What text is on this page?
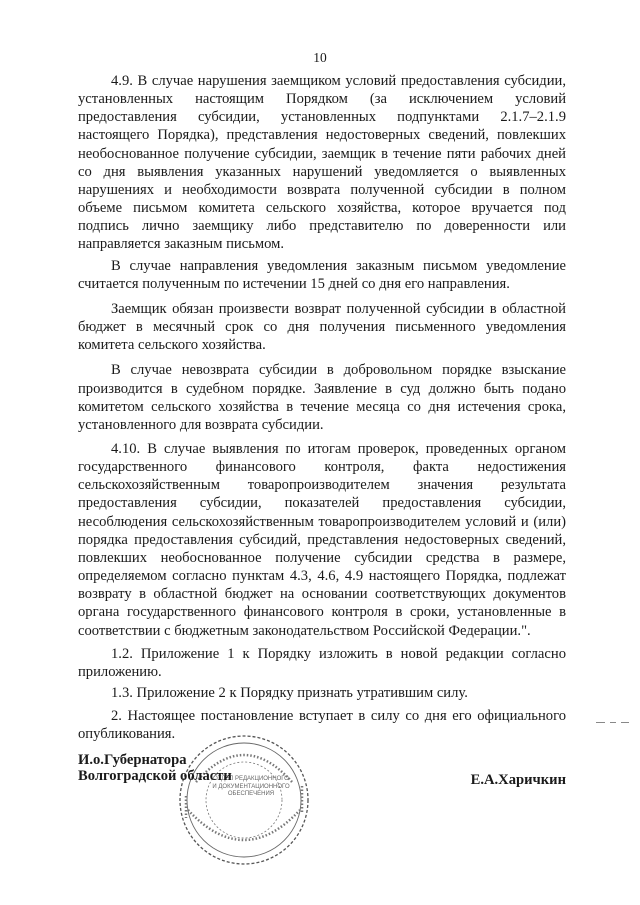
10

4.9. В случае нарушения заемщиком условий предоставления субсидии, установленных настоящим Порядком (за исключением условий предоставления субсидии, установленных подпунктами 2.1.7–2.1.9 настоящего Порядка), представления недостоверных сведений, повлекших необоснованное получение субсидии, заемщик в течение пяти рабочих дней со дня выявления указанных нарушений уведомляется о выявленных нарушениях и необходимости возврата полученной субсидии в полном объеме письмом комитета сельского хозяйства, которое вручается под подпись лично заемщику либо представителю по доверенности или направляется заказным письмом.

В случае направления уведомления заказным письмом уведомление считается полученным по истечении 15 дней со дня его направления.

Заемщик обязан произвести возврат полученной субсидии в областной бюджет в месячный срок со дня получения письменного уведомления комитета сельского хозяйства.

В случае невозврата субсидии в добровольном порядке взыскание производится в судебном порядке. Заявление в суд должно быть подано комитетом сельского хозяйства в течение месяца со дня истечения срока, установленного для возврата субсидии.

4.10. В случае выявления по итогам проверок, проведенных органом государственного финансового контроля, факта недостижения сельскохозяйственным товаропроизводителем значения результата предоставления субсидии, показателей предоставления субсидии, несоблюдения сельскохозяйственным товаропроизводителем условий и (или) порядка предоставления субсидий, представления недостоверных сведений, повлекших необоснованное получение субсидии средства в размере, определяемом согласно пунктам 4.3, 4.6, 4.9 настоящего Порядка, подлежат возврату в областной бюджет на основании соответствующих документов органа государственного финансового контроля в сроки, установленные в соответствии с бюджетным законодательством Российской Федерации.".

1.2. Приложение 1 к Порядку изложить в новой редакции согласно приложению.

1.3. Приложение 2 к Порядку признать утратившим силу.

2. Настоящее постановление вступает в силу со дня его официального опубликования.

ОТДЕЛ РЕДАКЦИОННОГО И ДОКУМЕНТАЦИОННОГО ОБЕСПЕЧЕНИЯ
И.о.Губернатора
Волгоградской области	Е.А.Харичкин
